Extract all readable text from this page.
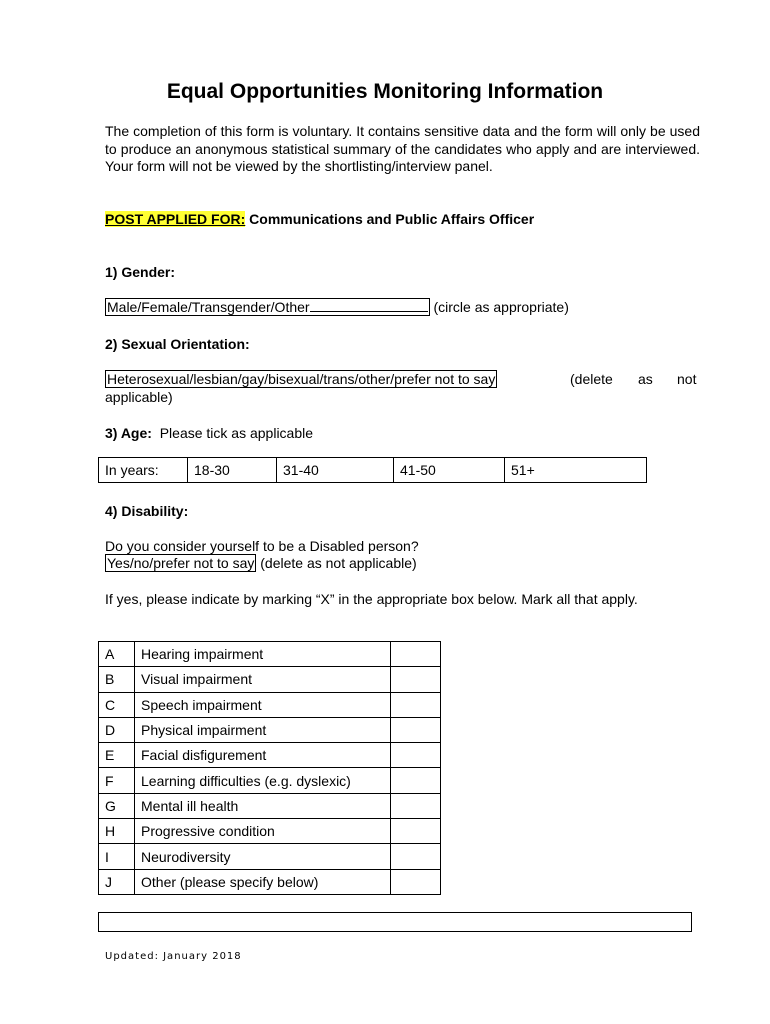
Equal Opportunities Monitoring Information
The completion of this form is voluntary. It contains sensitive data and the form will only be used to produce an anonymous statistical summary of the candidates who apply and are interviewed. Your form will not be viewed by the shortlisting/interview panel.
POST APPLIED FOR: Communications and Public Affairs Officer
1) Gender:
Male/Female/Transgender/Other	(circle as appropriate)
2) Sexual Orientation:
Heterosexual/lesbian/gay/bisexual/trans/other/prefer not to say	(delete as not
applicable)
3) Age: Please tick as applicable
In years:	18-30	31-40	41-50	51+
4) Disability:
Do you consider yourself to be a Disabled person?
Yes/no/prefer not to say (delete as not applicable)
If yes, please indicate by marking “X” in the appropriate box below. Mark all that apply.
A	Hearing impairment	
B	Visual impairment	
C	Speech impairment	
D	Physical impairment	
E	Facial disfigurement	
F	Learning difficulties (e.g. dyslexic)	
G	Mental ill health	
H	Progressive condition	
I	Neurodiversity	
J	Other (please specify below)	
Updated: January 2018
